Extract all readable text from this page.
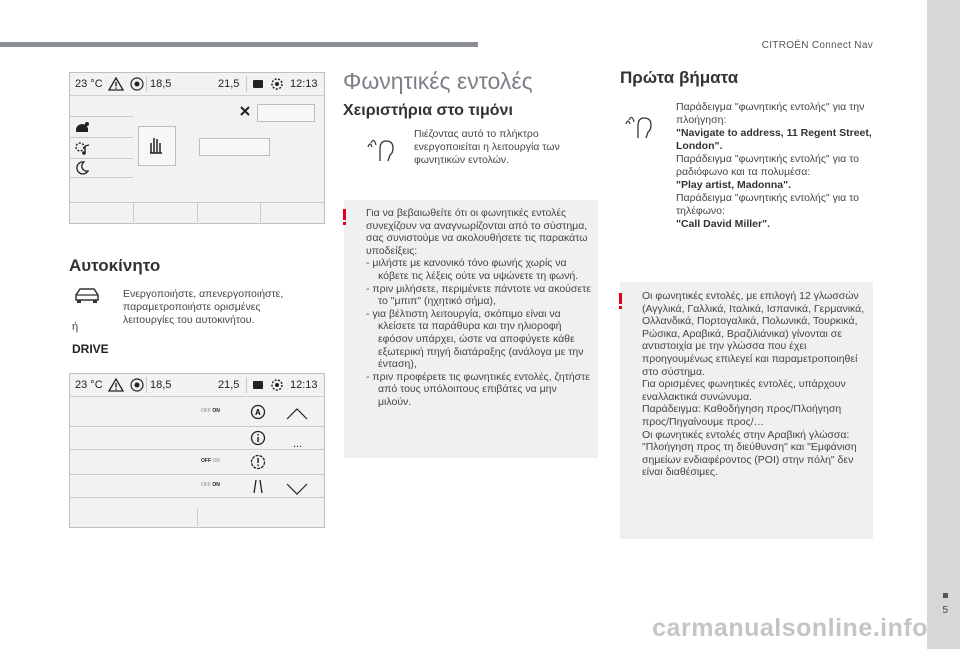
CITROËN Connect Nav
5
carmanualsonline.info
23 °C	18,5	21,5	12:13
Αυτοκίνητο
Ενεργοποιήστε, απενεργοποιήστε, παραμετροποιήστε ορισμένες λειτουργίες του αυτοκινήτου.
ή
DRIVE
23 °C	18,5	21,5	12:13
OFF ON
OFF ON
OFF ON
A
...
Φωνητικές εντολές
Χειριστήρια στο τιμόνι
Πιέζοντας αυτό το πλήκτρο ενεργοποιείται η λειτουργία των φωνητικών εντολών.
Για να βεβαιωθείτε ότι οι φωνητικές εντολές συνεχίζουν να αναγνωρίζονται από το σύστημα, σας συνιστούμε να ακολουθήσετε τις παρακάτω υποδείξεις:
- μιλήστε με κανονικό τόνο φωνής χωρίς να κόβετε τις λέξεις ούτε να υψώνετε τη φωνή.
- πριν μιλήσετε, περιμένετε πάντοτε να ακούσετε το "μπιπ" (ηχητικό σήμα),
- για βέλτιστη λειτουργία, σκόπιμο είναι να κλείσετε τα παράθυρα και την ηλιοροφή εφόσον υπάρχει, ώστε να αποφύγετε κάθε εξωτερική πηγή διατάραξης (ανάλογα με την ένταση),
- πριν προφέρετε τις φωνητικές εντολές, ζητήστε από τους υπόλοιπους επιβάτες να μην μιλούν.
Πρώτα βήματα
Παράδειγμα "φωνητικής εντολής" για την πλοήγηση:
"Navigate to address, 11 Regent Street, London".
Παράδειγμα "φωνητικής εντολής" για το ραδιόφωνο και τα πολυμέσα:
"Play artist, Madonna".
Παράδειγμα "φωνητικής εντολής" για το τηλέφωνο:
"Call David Miller".
Οι φωνητικές εντολές, με επιλογή 12 γλωσσών (Αγγλικά, Γαλλικά, Ιταλικά, Ισπανικά, Γερμανικά, Ολλανδικά, Πορτογαλικά, Πολωνικά, Τουρκικά, Ρώσικα, Αραβικά, Βραζιλιάνικα) γίνονται σε αντιστοιχία με την γλώσσα που έχει προηγουμένως επιλεγεί και παραμετροποιηθεί στο σύστημα.
Για ορισμένες φωνητικές εντολές, υπάρχουν εναλλακτικά συνώνυμα.
Παράδειγμα: Καθοδήγηση προς/Πλοήγηση προς/Πηγαίνουμε προς/…
Οι φωνητικές εντολές στην Αραβική γλώσσα: "Πλοήγηση προς τη διεύθυνση" και "Εμφάνιση σημείων ενδιαφέροντος (POI) στην πόλη" δεν είναι διαθέσιμες.
